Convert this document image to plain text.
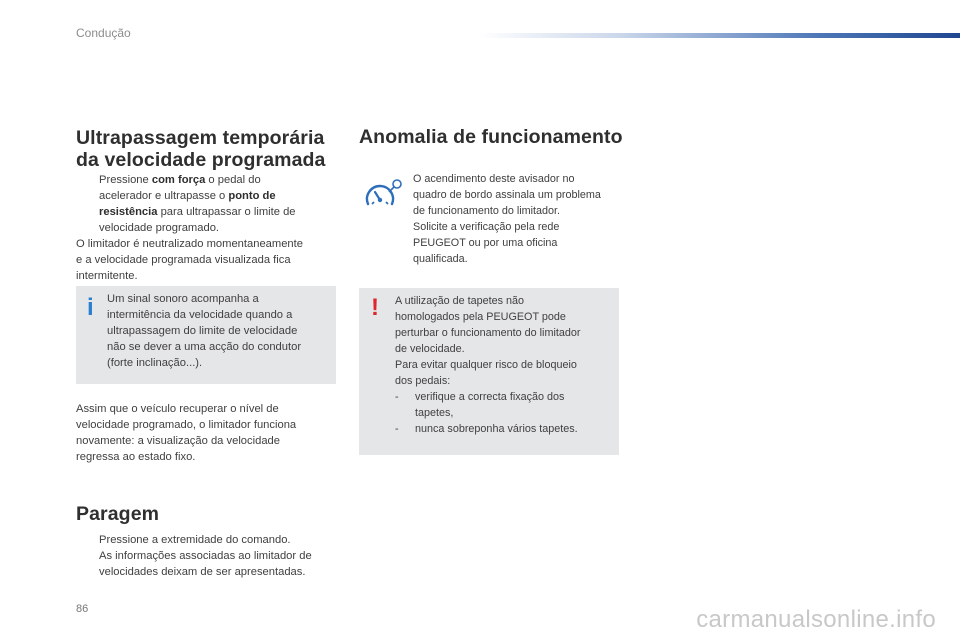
Condução
Ultrapassagem temporária
da velocidade programada
Pressione com força o pedal do
acelerador e ultrapasse o ponto de
resistência para ultrapassar o limite de
velocidade programado.
O limitador é neutralizado momentaneamente
e a velocidade programada visualizada fica
intermitente.
i Um sinal sonoro acompanha a
intermitência da velocidade quando a
ultrapassagem do limite de velocidade
não se dever a uma acção do condutor
(forte inclinação...).
Assim que o veículo recuperar o nível de
velocidade programado, o limitador funciona
novamente: a visualização da velocidade
regressa ao estado fixo.
Paragem
Pressione a extremidade do comando.
As informações associadas ao limitador de
velocidades deixam de ser apresentadas.
Anomalia de funcionamento
O acendimento deste avisador no
quadro de bordo assinala um problema
de funcionamento do limitador.
Solicite a verificação pela rede
PEUGEOT ou por uma oficina
qualificada.
! A utilização de tapetes não
homologados pela PEUGEOT pode
perturbar o funcionamento do limitador
de velocidade.
Para evitar qualquer risco de bloqueio
dos pedais:
- verifique a correcta fixação dos
tapetes,
- nunca sobreponha vários tapetes.
86	carmanualsonline.info
